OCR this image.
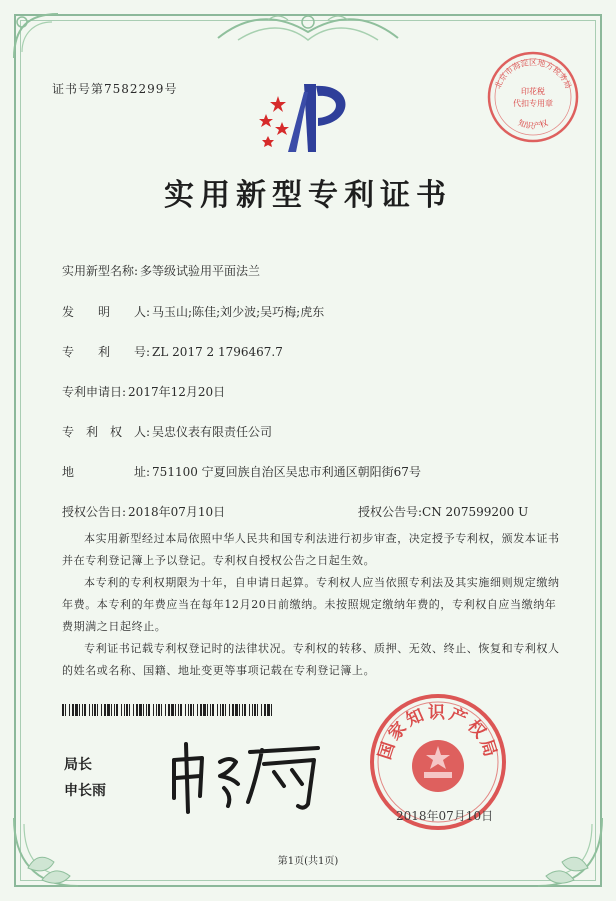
证书号第7582299号
实用新型专利证书
实用新型名称: 多等级试验用平面法兰
发　　明　　人: 马玉山;陈佳;刘少波;吴巧梅;虎东
专　　利　　号: ZL 2017 2 1796467.7
专利申请日: 2017年12月20日
专　利　权　人: 吴忠仪表有限责任公司
地　　　　　址: 751100 宁夏回族自治区吴忠市利通区朝阳街67号
授权公告日: 2018年07月10日	授权公告号:CN 207599200 U
本实用新型经过本局依照中华人民共和国专利法进行初步审查，决定授予专利权，颁发本证书并在专利登记簿上予以登记。专利权自授权公告之日起生效。
本专利的专利权期限为十年，自申请日起算。专利权人应当依照专利法及其实施细则规定缴纳年费。本专利的年费应当在每年12月20日前缴纳。未按照规定缴纳年费的，专利权自应当缴纳年费期满之日起终止。
专利证书记载专利权登记时的法律状况。专利权的转移、质押、无效、终止、恢复和专利权人的姓名或名称、国籍、地址变更等事项记载在专利登记簿上。
局长
申长雨
国家知识产权局
2018年07月10日
北京市海淀区地方税务局
印花税
代扣专用章
知识产权
第1页(共1页)
